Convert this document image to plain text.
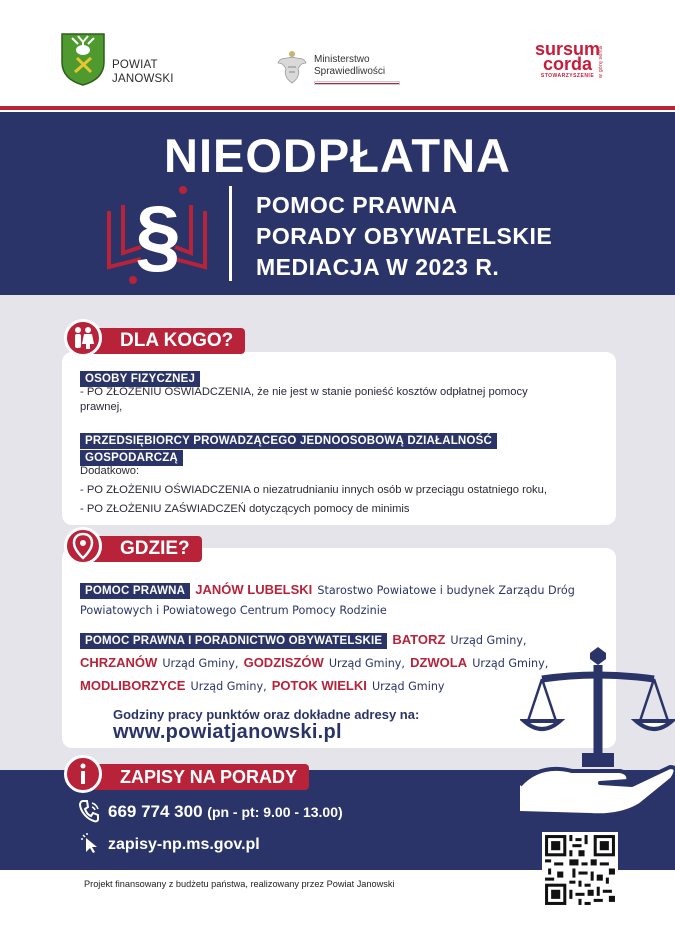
POWIAT
JANOWSKI
Ministerstwo
Sprawiedliwości
sursum
corda
STOWARZYSZENIE w górę serca
NIEODPŁATNA
§	POMOC PRAWNA
PORADY OBYWATELSKIE
MEDIACJA W 2023 R.
DLA KOGO?
OSOBY FIZYCZNEJ
- PO ZŁOŻENIU OŚWIADCZENIA, że nie jest w stanie ponieść kosztów odpłatnej pomocy
prawnej,
PRZEDSIĘBIORCY PROWADZĄCEGO JEDNOOSOBOWĄ DZIAŁALNOŚĆ
GOSPODARCZĄ
Dodatkowo:
- PO ZŁOŻENIU OŚWIADCZENIA o niezatrudnianiu innych osób w przeciągu ostatniego roku,
- PO ZŁOŻENIU ZAŚWIADCZEŃ dotyczących pomocy de minimis
GDZIE?
POMOC PRAWNA JANÓW LUBELSKI Starostwo Powiatowe i budynek Zarządu Dróg
Powiatowych i Powiatowego Centrum Pomocy Rodzinie
POMOC PRAWNA I PORADNICTWO OBYWATELSKIE BATORZ Urząd Gminy,
CHRZANÓW Urząd Gminy, GODZISZÓW Urząd Gminy, DZWOLA Urząd Gminy,
MODLIBORZYCE Urząd Gminy, POTOK WIELKI Urząd Gminy
Godziny pracy punktów oraz dokładne adresy na:
www.powiatjanowski.pl
ZAPISY NA PORADY
669 774 300 (pn - pt: 9.00 - 13.00)
zapisy-np.ms.gov.pl
Projekt finansowany z budżetu państwa, realizowany przez Powiat Janowski
